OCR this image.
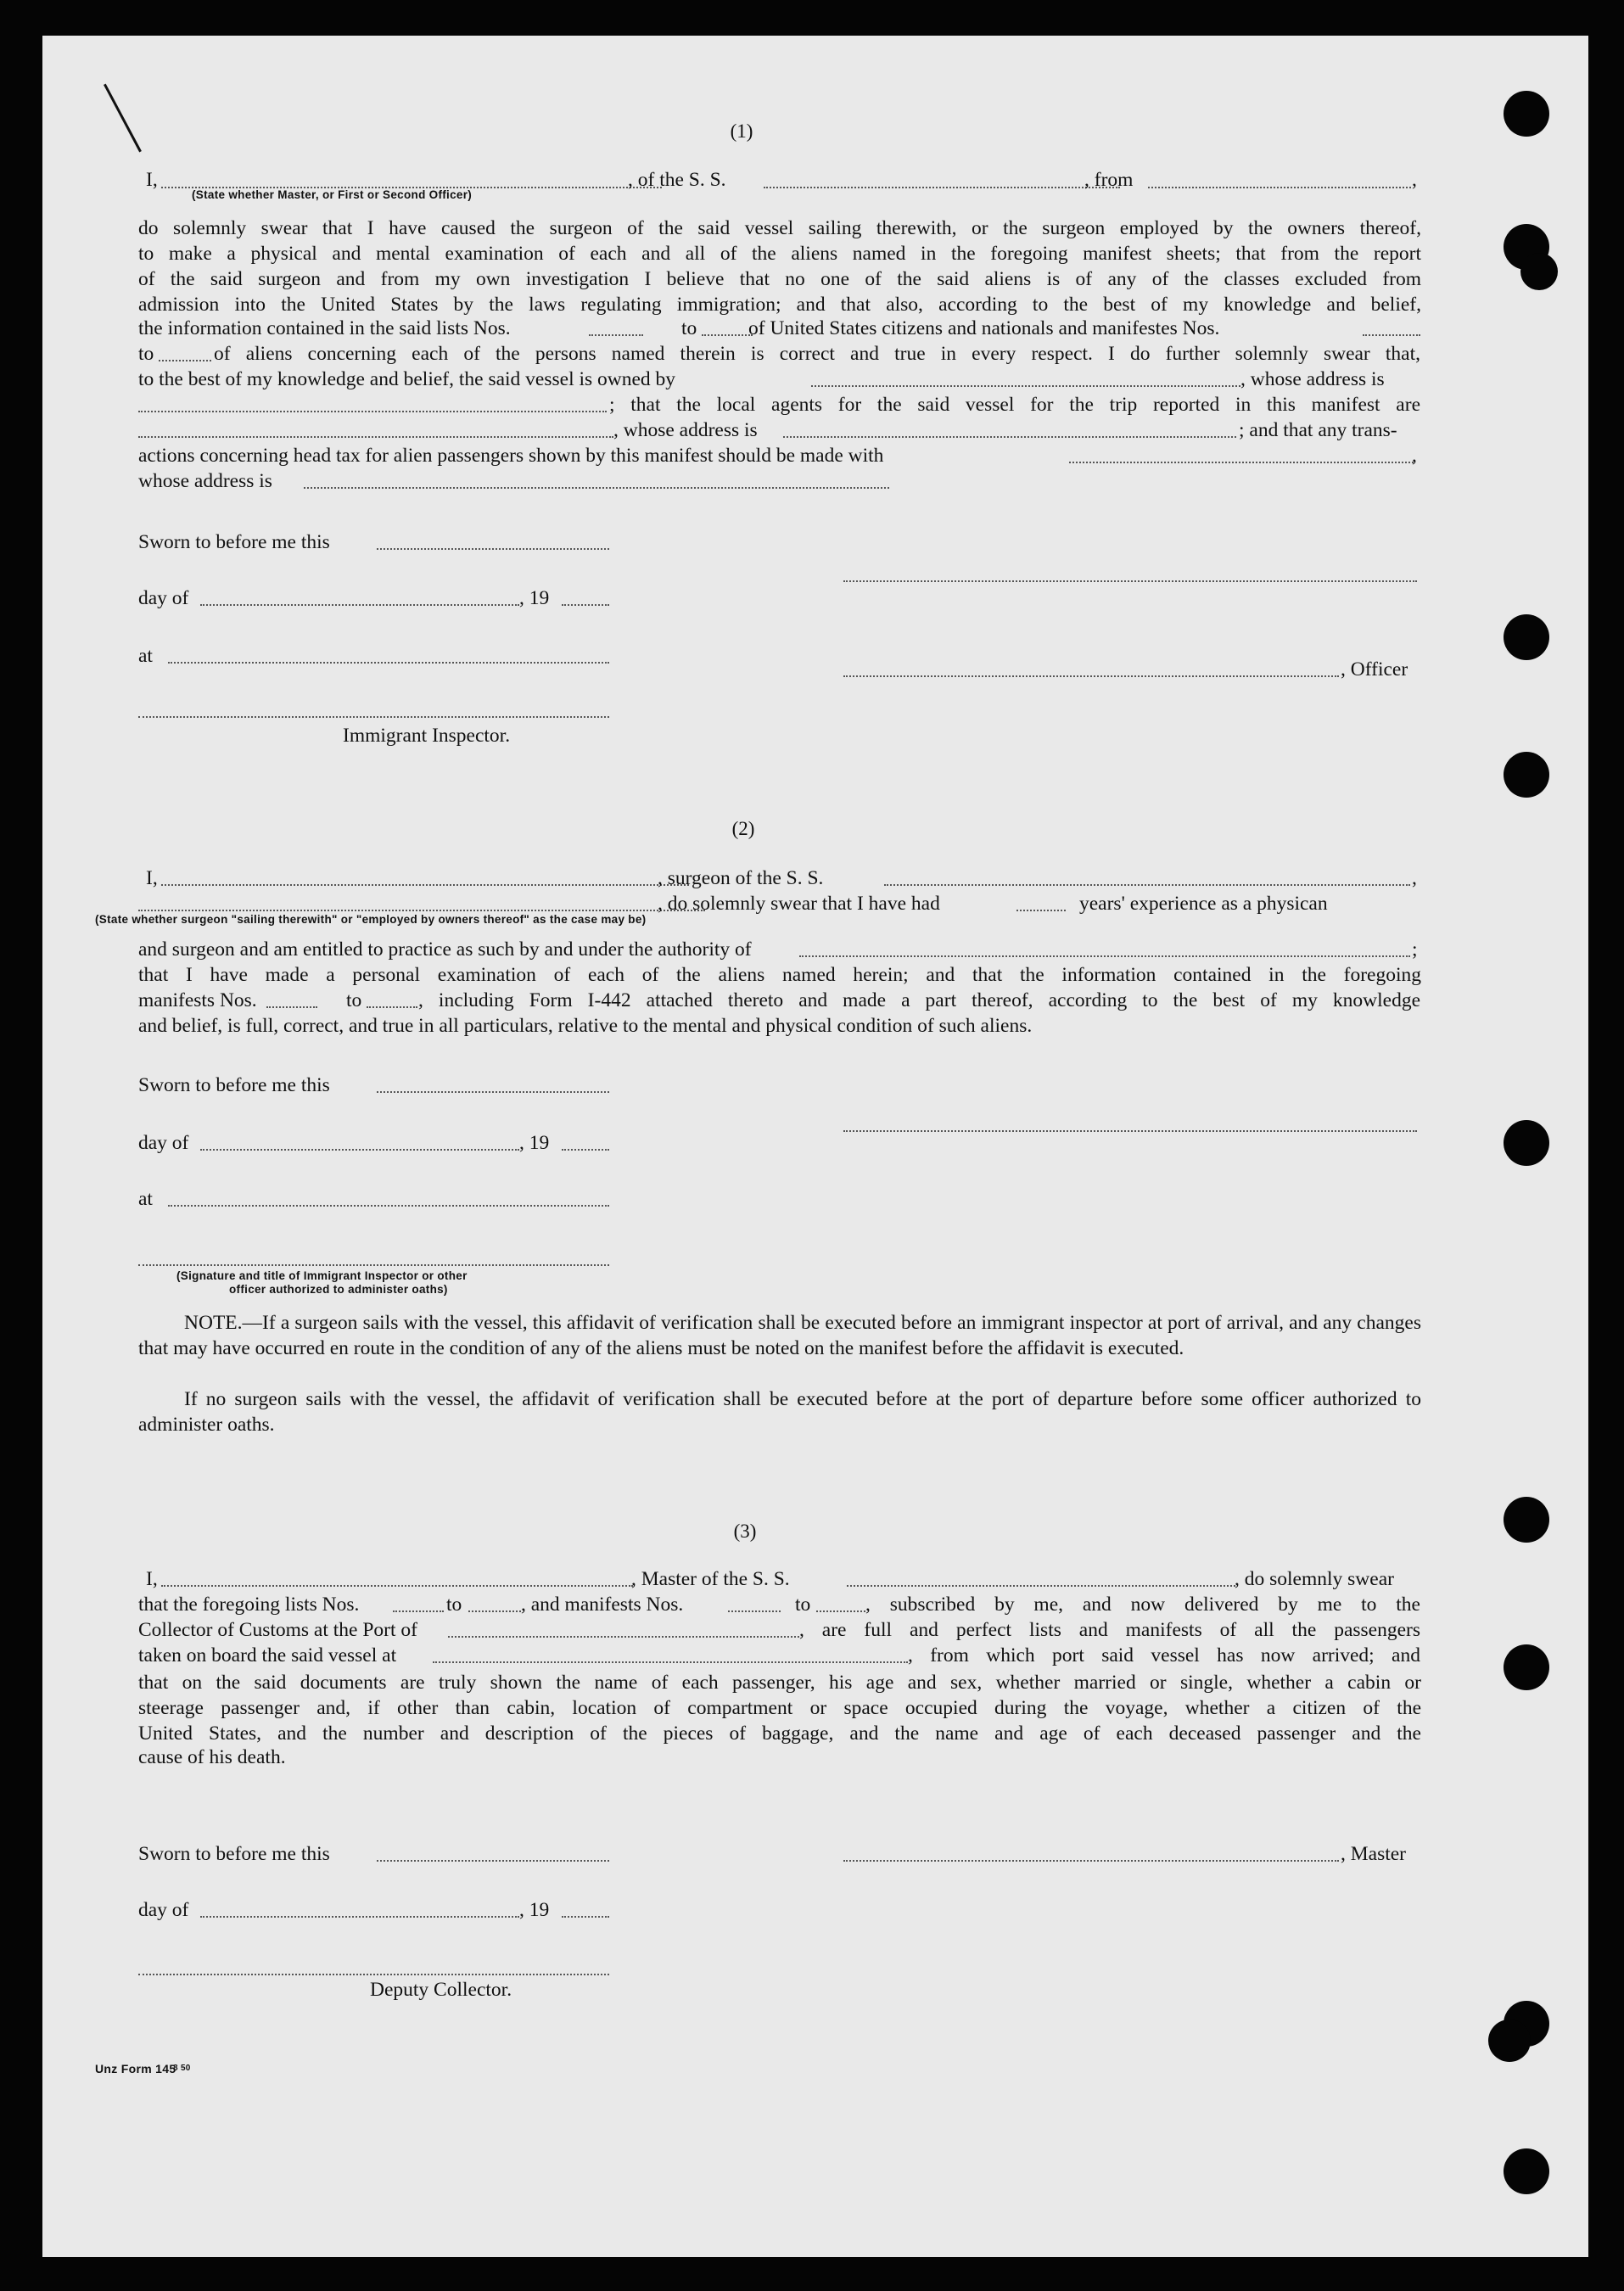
(1)
I,	, of the S. S.	, from	,
(State whether Master, or First or Second Officer)
do solemnly swear that I have caused the surgeon of the said vessel sailing therewith, or the surgeon employed by the owners thereof,
to make a physical and mental examination of each and all of the aliens named in the foregoing manifest sheets; that from the report
of the said surgeon and from my own investigation I believe that no one of the said aliens is of any of the classes excluded from
admission into the United States by the laws regulating immigration; and that also, according to the best of my knowledge and belief,
the information contained in the said lists Nos.	to	of United States citizens and nationals and manifestes Nos.
to	of aliens concerning each of the persons named therein is correct and true in every respect. I do further solemnly swear that,
to the best of my knowledge and belief, the said vessel is owned by	, whose address is
; that the local agents for the said vessel for the trip reported in this manifest are
, whose address is	; and that any trans-
actions concerning head tax for alien passengers shown by this manifest should be made with	,
whose address is
Sworn to before me this
day of	, 19
at
, Officer
Immigrant Inspector.
(2)
I,	, surgeon of the S. S.	,
, do solemnly swear that I have had	years' experience as a physican
(State whether surgeon "sailing therewith" or "employed by owners thereof" as the case may be)
and surgeon and am entitled to practice as such by and under the authority of	;
that I have made a personal examination of each of the aliens named herein; and that the information contained in the foregoing
manifests Nos.	to	, including Form I-442 attached thereto and made a part thereof, according to the best of my knowledge
and belief, is full, correct, and true in all particulars, relative to the mental and physical condition of such aliens.
Sworn to before me this
day of	, 19
at
(Signature and title of Immigrant Inspector or other
officer authorized to administer oaths)
NOTE.—If a surgeon sails with the vessel, this affidavit of verification shall be executed before an immigrant inspector at port of arrival, and any changes that may have occurred en route in the condition of any of the aliens must be noted on the manifest before the affidavit is executed.
If no surgeon sails with the vessel, the affidavit of verification shall be executed before at the port of departure before some officer authorized to administer oaths.
(3)
I,	, Master of the S. S.	, do solemnly swear
that the foregoing lists Nos.	to	, and manifests Nos.	to	, subscribed by me, and now delivered by me to the
Collector of Customs at the Port of	, are full and perfect lists and manifests of all the passengers
taken on board the said vessel at	, from which port said vessel has now arrived; and
that on the said documents are truly shown the name of each passenger, his age and sex, whether married or single, whether a cabin or
steerage passenger and, if other than cabin, location of compartment or space occupied during the voyage, whether a citizen of the
United States, and the number and description of the pieces of baggage, and the name and age of each deceased passenger and the
cause of his death.
Sworn to before me this	, Master
day of	, 19
Deputy Collector.
Unz Form 145
8 50
